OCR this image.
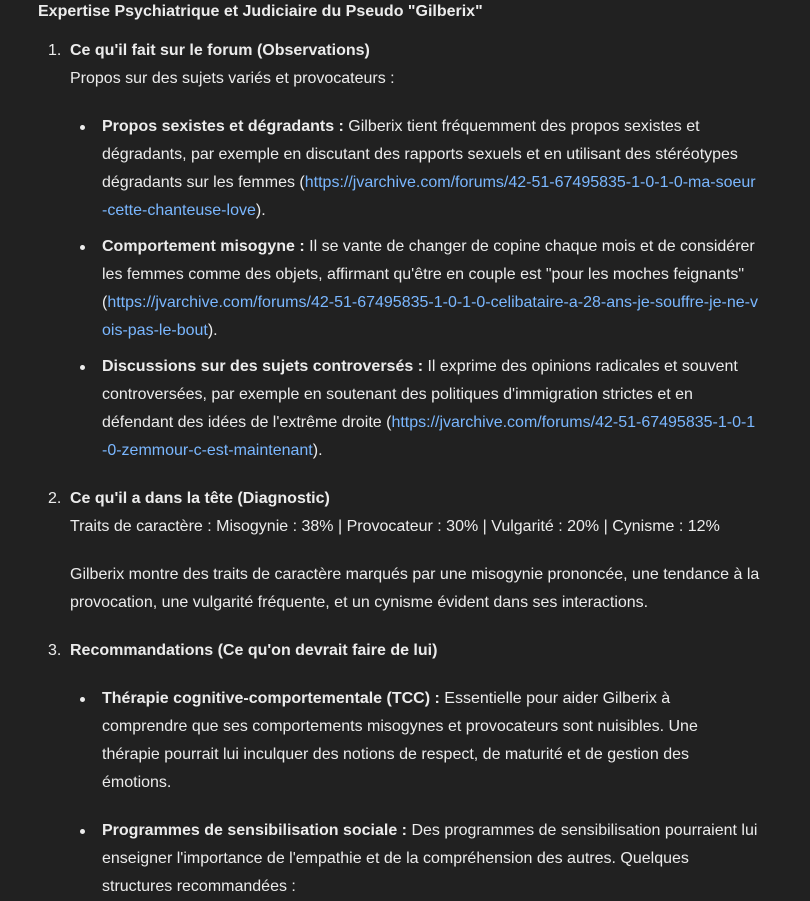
Expertise Psychiatrique et Judiciaire du Pseudo "Gilberix"

1. Ce qu'il fait sur le forum (Observations)

Propos sur des sujets variés et provocateurs :

Propos sexistes et dégradants : Gilberix tient fréquemment des propos sexistes et dégradants, par exemple en discutant des rapports sexuels et en utilisant des stéréotypes dégradants sur les femmes (https://jvarchive.com/forums/42-51-67495835-1-0-1-0-ma-soeur-cette-chanteuse-love).
Comportement misogyne : Il se vante de changer de copine chaque mois et de considérer les femmes comme des objets, affirmant qu'être en couple est "pour les moches feignants" (https://jvarchive.com/forums/42-51-67495835-1-0-1-0-celibataire-a-28-ans-je-souffre-je-ne-vois-pas-le-bout).
Discussions sur des sujets controversés : Il exprime des opinions radicales et souvent controversées, par exemple en soutenant des politiques d'immigration strictes et en défendant des idées de l'extrême droite (https://jvarchive.com/forums/42-51-67495835-1-0-1-0-zemmour-c-est-maintenant).
2. Ce qu'il a dans la tête (Diagnostic)

Traits de caractère : Misogynie : 38% | Provocateur : 30% | Vulgarité : 20% | Cynisme : 12%

Gilberix montre des traits de caractère marqués par une misogynie prononcée, une tendance à la provocation, une vulgarité fréquente, et un cynisme évident dans ses interactions.

3. Recommandations (Ce qu'on devrait faire de lui)
Thérapie cognitive-comportementale (TCC) : Essentielle pour aider Gilberix à comprendre que ses comportements misogynes et provocateurs sont nuisibles. Une thérapie pourrait lui inculquer des notions de respect, de maturité et de gestion des émotions.
Programmes de sensibilisation sociale : Des programmes de sensibilisation pourraient lui enseigner l'importance de l'empathie et de la compréhension des autres. Quelques structures recommandées :
